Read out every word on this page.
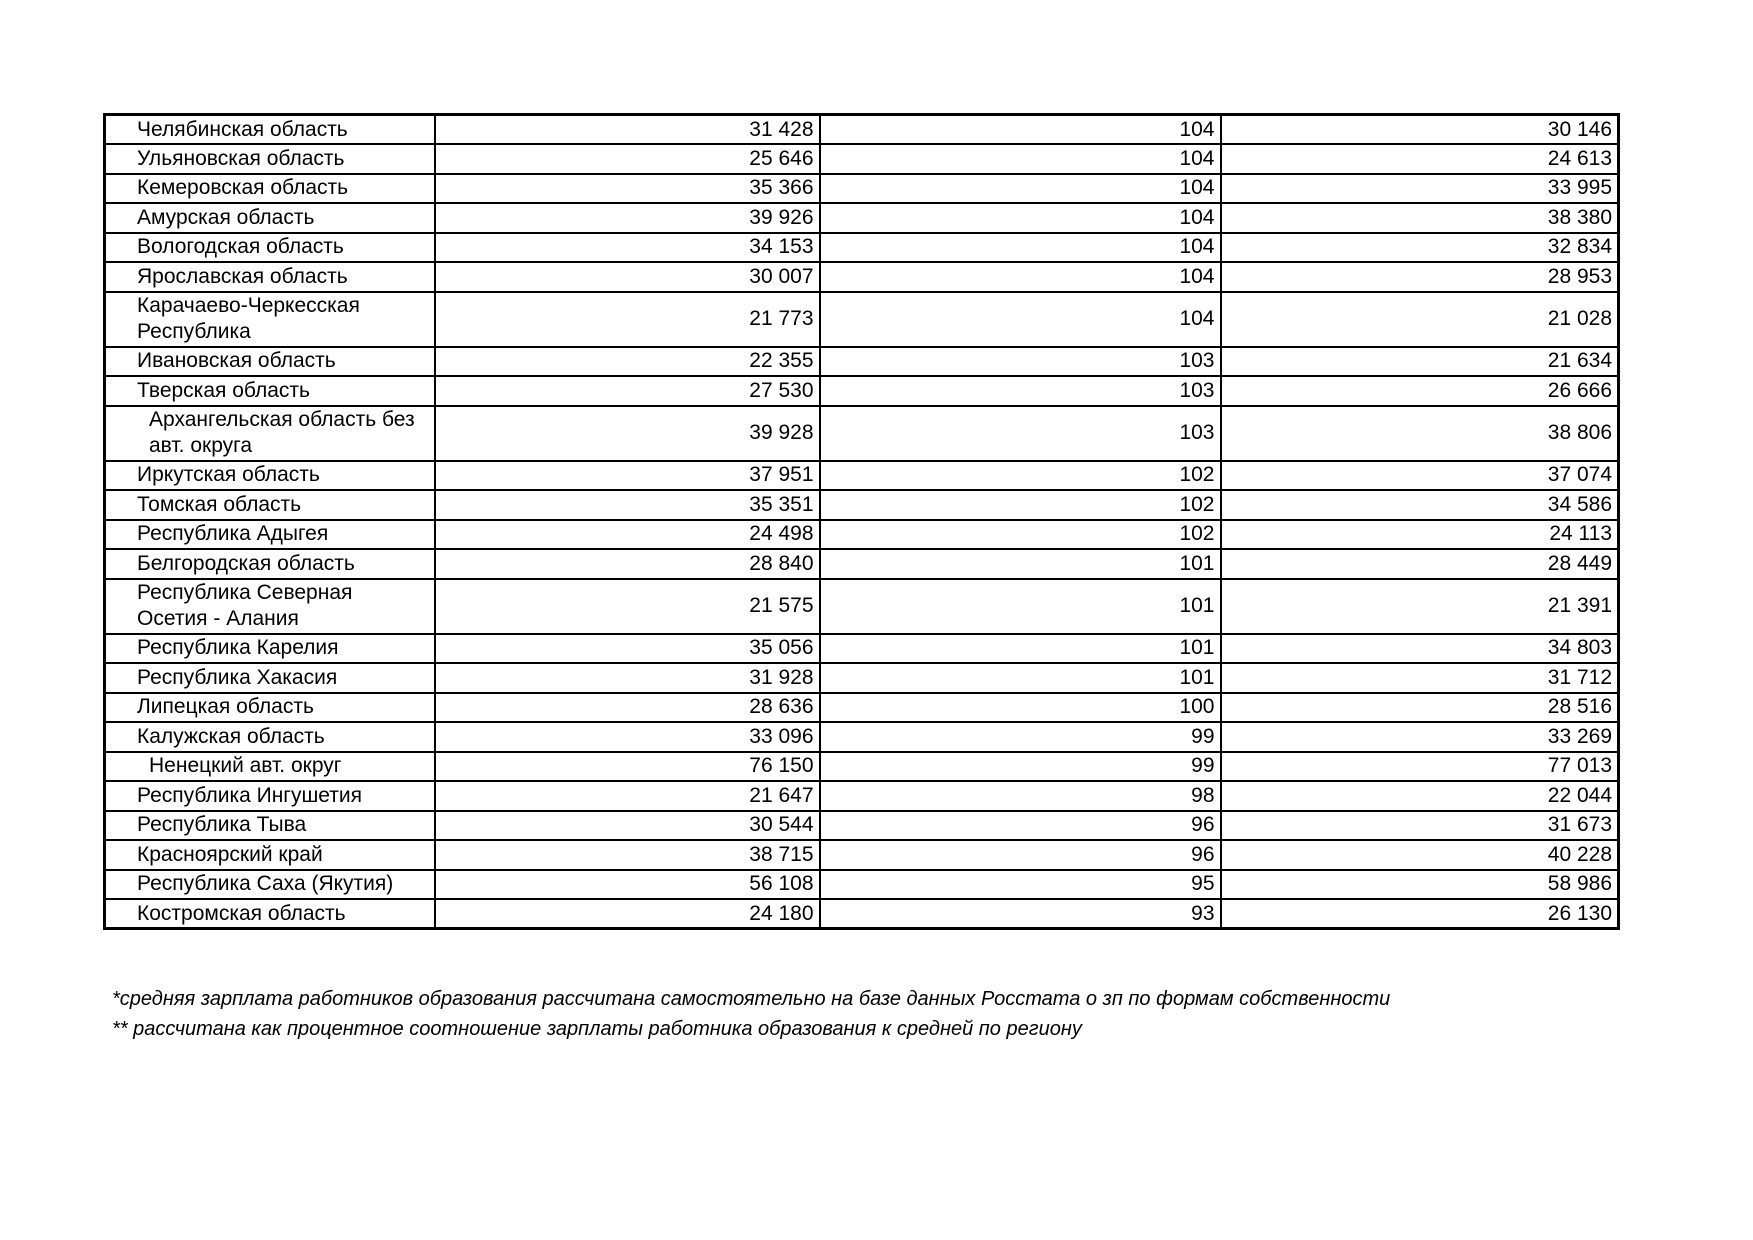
Челябинская область	31 428	104	30 146
Ульяновская область	25 646	104	24 613
Кемеровская область	35 366	104	33 995
Амурская область	39 926	104	38 380
Вологодская область	34 153	104	32 834
Ярославская область	30 007	104	28 953
Карачаево-Черкесская Республика	21 773	104	21 028
Ивановская область	22 355	103	21 634
Тверская область	27 530	103	26 666
Архангельская область без авт. округа	39 928	103	38 806
Иркутская область	37 951	102	37 074
Томская область	35 351	102	34 586
Республика Адыгея	24 498	102	24 113
Белгородская область	28 840	101	28 449
Республика Северная Осетия - Алания	21 575	101	21 391
Республика Карелия	35 056	101	34 803
Республика Хакасия	31 928	101	31 712
Липецкая область	28 636	100	28 516
Калужская область	33 096	99	33 269
Ненецкий авт. округ	76 150	99	77 013
Республика Ингушетия	21 647	98	22 044
Республика Тыва	30 544	96	31 673
Красноярский край	38 715	96	40 228
Республика Саха (Якутия)	56 108	95	58 986
Костромская область	24 180	93	26 130
*средняя зарплата работников образования рассчитана самостоятельно на базе данных Росстата о зп по формам собственности
** рассчитана как процентное соотношение зарплаты работника образования к средней по региону
